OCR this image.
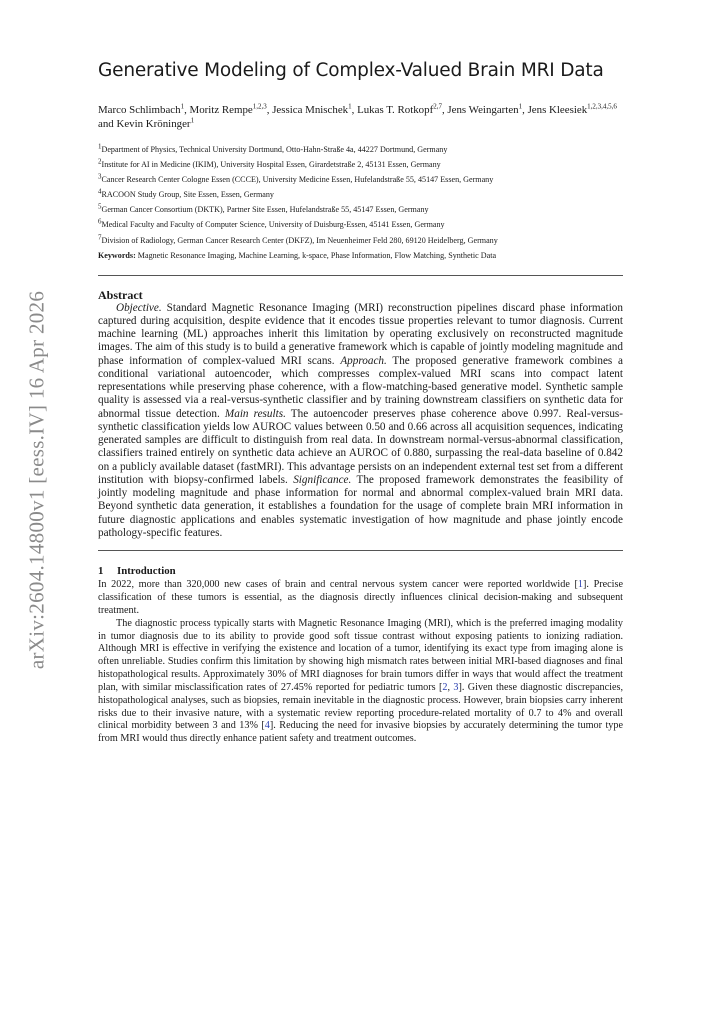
arXiv:2604.14800v1 [eess.IV] 16 Apr 2026
Generative Modeling of Complex-Valued Brain MRI Data

Marco Schlimbach$^1$, Moritz Rempe$^{1,2,3}$, Jessica Mnischek$^1$, Lukas T. Rotkopf$^{2,7}$, Jens Weingarten$^1$, Jens Kleesiek$^{1,2,3,4,5,6}$ and Kevin Kröninger$^1$

$^1$Department of Physics, Technical University Dortmund, Otto-Hahn-Straße 4a, 44227 Dortmund, Germany
$^2$Institute for AI in Medicine (IKIM), University Hospital Essen, Girardetstraße 2, 45131 Essen, Germany
$^3$Cancer Research Center Cologne Essen (CCCE), University Medicine Essen, Hufelandstraße 55, 45147 Essen, Germany
$^4$RACOON Study Group, Site Essen, Essen, Germany
$^5$German Cancer Consortium (DKTK), Partner Site Essen, Hufelandstraße 55, 45147 Essen, Germany
$^6$Medical Faculty and Faculty of Computer Science, University of Duisburg-Essen, 45141 Essen, Germany
$^7$Division of Radiology, German Cancer Research Center (DKFZ), Im Neuenheimer Feld 280, 69120 Heidelberg, Germany

Keywords: Magnetic Resonance Imaging, Machine Learning, k-space, Phase Information, Flow Matching, Synthetic Data

Abstract

Objective. Standard Magnetic Resonance Imaging (MRI) reconstruction pipelines discard phase information captured during acquisition, despite evidence that it encodes tissue properties relevant to tumor diagnosis. Current machine learning (ML) approaches inherit this limitation by operating exclusively on reconstructed magnitude images. The aim of this study is to build a generative framework which is capable of jointly modeling magnitude and phase information of complex-valued MRI scans. Approach. The proposed generative framework combines a conditional variational autoencoder, which compresses complex-valued MRI scans into compact latent representations while preserving phase coherence, with a flow-matching-based generative model. Synthetic sample quality is assessed via a real-versus-synthetic classifier and by training downstream classifiers on synthetic data for abnormal tissue detection. Main results. The autoencoder preserves phase coherence above 0.997. Real-versus-synthetic classification yields low AUROC values between 0.50 and 0.66 across all acquisition sequences, indicating generated samples are difficult to distinguish from real data. In downstream normal-versus-abnormal classification, classifiers trained entirely on synthetic data achieve an AUROC of 0.880, surpassing the real-data baseline of 0.842 on a publicly available dataset (fastMRI). This advantage persists on an independent external test set from a different institution with biopsy-confirmed labels. Significance. The proposed framework demonstrates the feasibility of jointly modeling magnitude and phase information for normal and abnormal complex-valued brain MRI data. Beyond synthetic data generation, it establishes a foundation for the usage of complete brain MRI information in future diagnostic applications and enables systematic investigation of how magnitude and phase jointly encode pathology-specific features.

1 Introduction

In 2022, more than 320,000 new cases of brain and central nervous system cancer were reported worldwide [1]. Precise classification of these tumors is essential, as the diagnosis directly influences clinical decision-making and subsequent treatment.

The diagnostic process typically starts with Magnetic Resonance Imaging (MRI), which is the preferred imaging modality in tumor diagnosis due to its ability to provide good soft tissue contrast without exposing patients to ionizing radiation. Although MRI is effective in verifying the existence and location of a tumor, identifying its exact type from imaging alone is often unreliable. Studies confirm this limitation by showing high mismatch rates between initial MRI-based diagnoses and final histopathological results. Approximately 30% of MRI diagnoses for brain tumors differ in ways that would affect the treatment plan, with similar misclassification rates of 27.45% reported for pediatric tumors [2, 3]. Given these diagnostic discrepancies, histopathological analyses, such as biopsies, remain inevitable in the diagnostic process. However, brain biopsies carry inherent risks due to their invasive nature, with a systematic review reporting procedure-related mortality of 0.7 to 4% and overall clinical morbidity between 3 and 13% [4]. Reducing the need for invasive biopsies by accurately determining the tumor type from MRI would thus directly enhance patient safety and treatment outcomes.
